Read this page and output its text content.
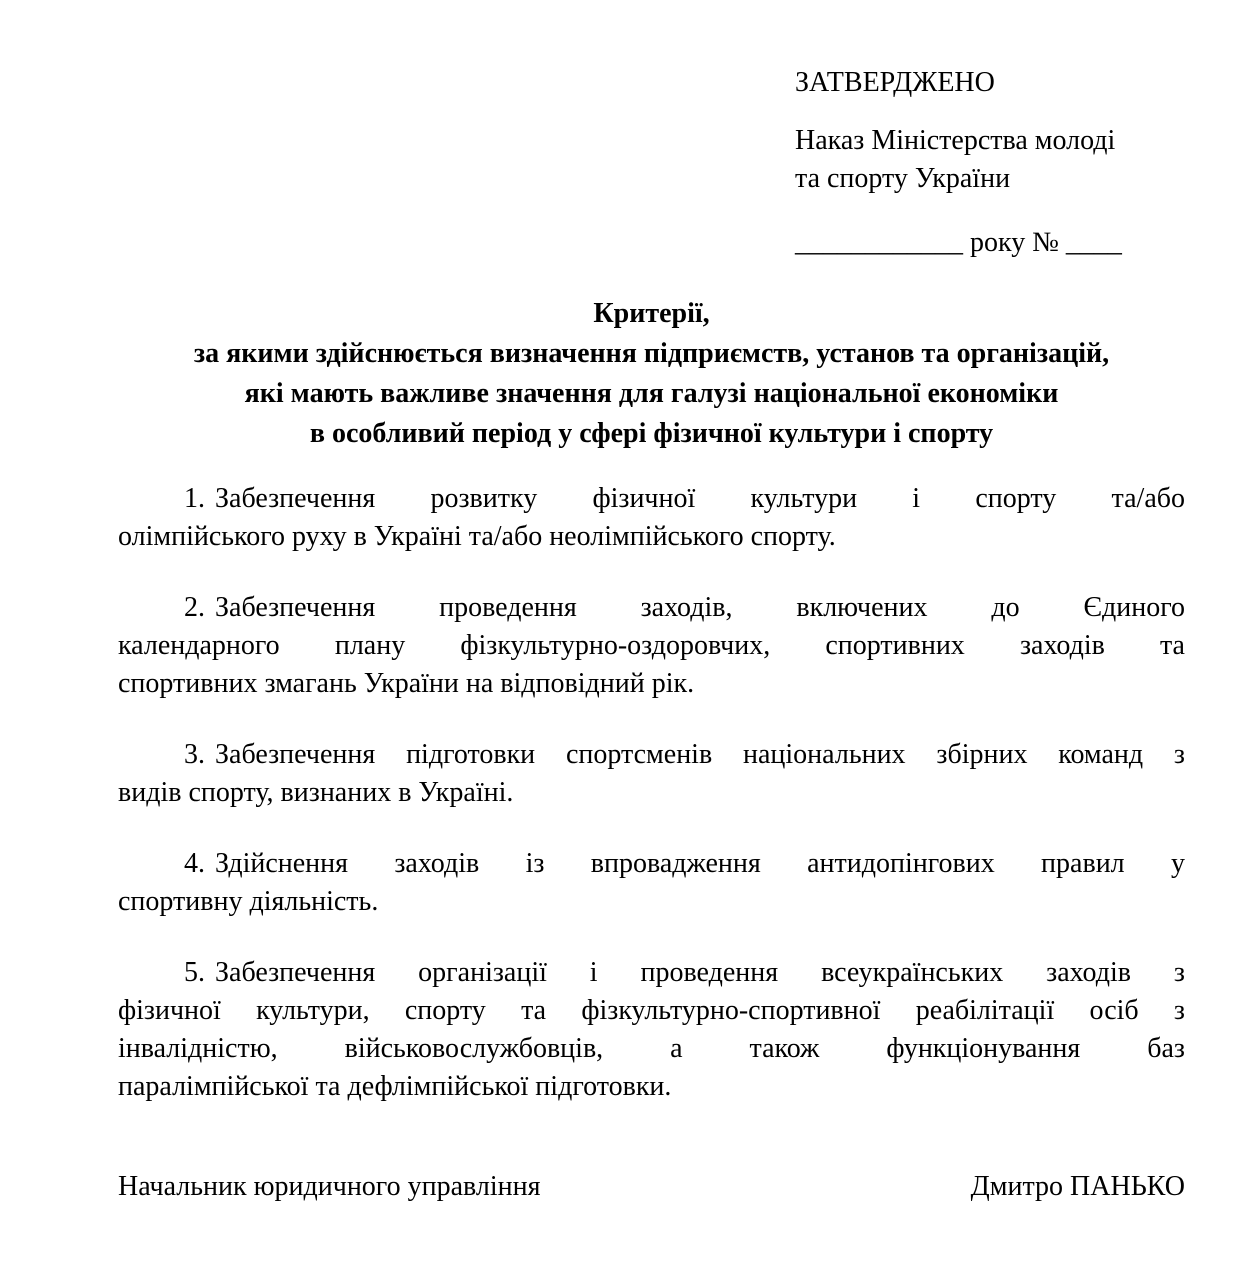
ЗАТВЕРДЖЕНО
Наказ Міністерства молоді
та спорту України
____________ року № ____
Критерії,
за якими здійснюється визначення підприємств, установ та організацій,
які мають важливе значення для галузі національної економіки
в особливий період у сфері фізичної культури і спорту
1. Забезпечення розвитку фізичної культури і спорту та/або
олімпійського руху в Україні та/або неолімпійського спорту.
2. Забезпечення проведення заходів, включених до Єдиного
календарного плану фізкультурно-оздоровчих, спортивних заходів та
спортивних змагань України на відповідний рік.
3. Забезпечення підготовки спортсменів національних збірних команд з
видів спорту, визнаних в Україні.
4. Здійснення заходів із впровадження антидопінгових правил у
спортивну діяльність.
5. Забезпечення організації і проведення всеукраїнських заходів з
фізичної культури, спорту та фізкультурно-спортивної реабілітації осіб з
інвалідністю, військовослужбовців, а також функціонування баз
паралімпійської та дефлімпійської підготовки.
Начальник юридичного управління	Дмитро ПАНЬКО
